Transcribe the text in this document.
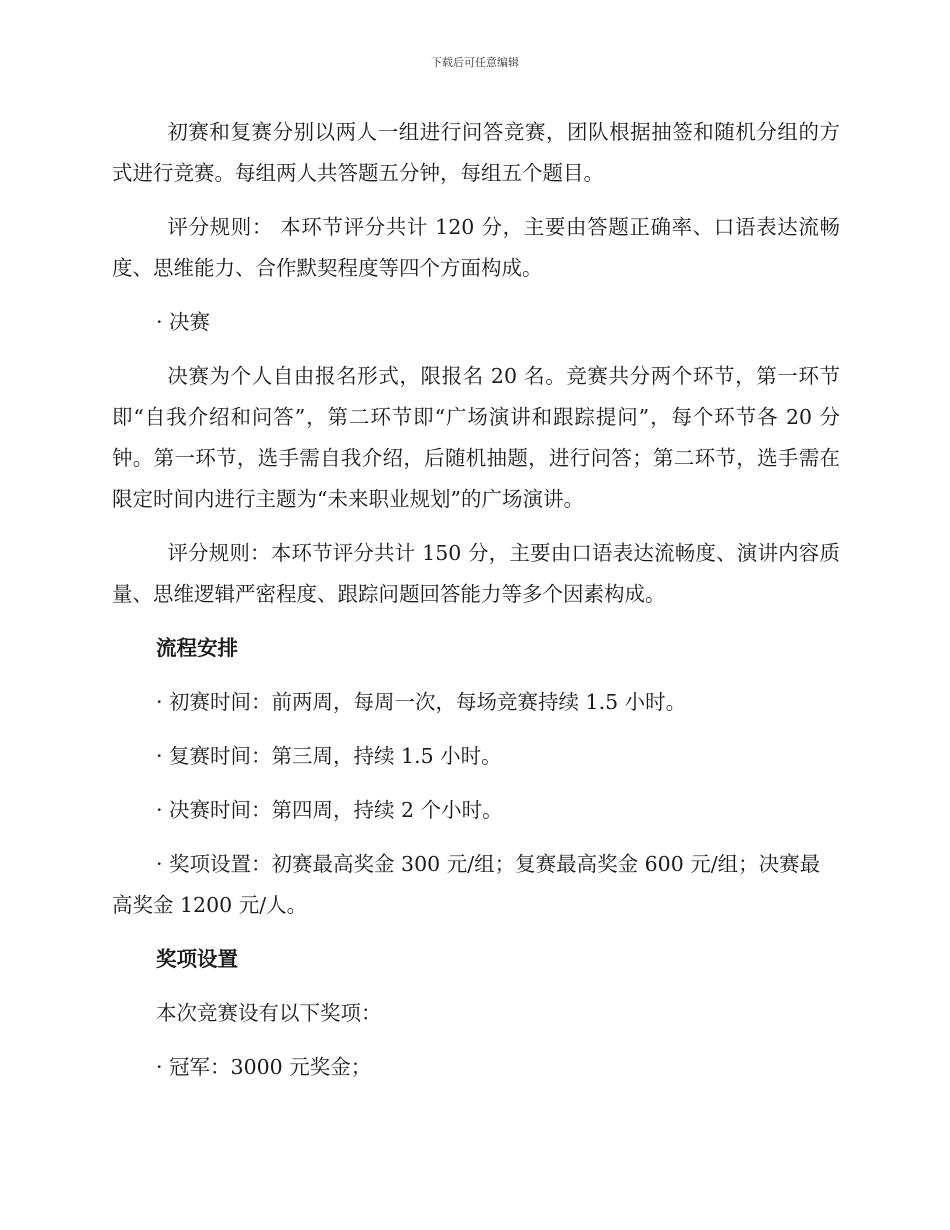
下载后可任意编辑

初赛和复赛分别以两人一组进行问答竞赛，团队根据抽签和随机分组的方式进行竞赛。每组两人共答题五分钟，每组五个题目。

评分规则： 本环节评分共计 120 分，主要由答题正确率、口语表达流畅度、思维能力、合作默契程度等四个方面构成。

· 决赛

决赛为个人自由报名形式，限报名 20 名。竞赛共分两个环节，第一环节即“自我介绍和问答”，第二环节即“广场演讲和跟踪提问”，每个环节各 20 分钟。第一环节，选手需自我介绍，后随机抽题，进行问答；第二环节，选手需在限定时间内进行主题为“未来职业规划”的广场演讲。

评分规则：本环节评分共计 150 分，主要由口语表达流畅度、演讲内容质量、思维逻辑严密程度、跟踪问题回答能力等多个因素构成。

流程安排

· 初赛时间：前两周，每周一次，每场竞赛持续 1.5 小时。

· 复赛时间：第三周，持续 1.5 小时。

· 决赛时间：第四周，持续 2 个小时。

· 奖项设置：初赛最高奖金 300 元/组；复赛最高奖金 600 元/组；决赛最高奖金 1200 元/人。

奖项设置

本次竞赛设有以下奖项：

· 冠军：3000 元奖金；
